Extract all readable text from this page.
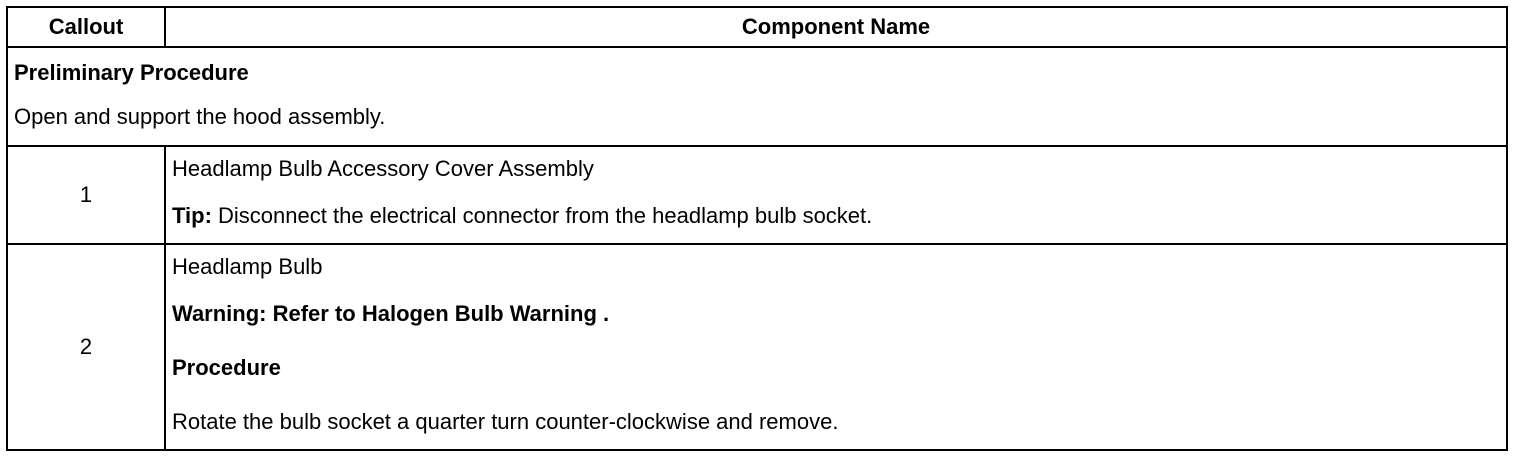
Callout	Component Name

Preliminary Procedure
Open and support the hood assembly.	

1	Headlamp Bulb Accessory Cover Assembly
Tip: Disconnect the electrical connector from the headlamp bulb socket.

2	Headlamp Bulb
Warning: Refer to Halogen Bulb Warning .
Procedure
Rotate the bulb socket a quarter turn counter-clockwise and remove.
